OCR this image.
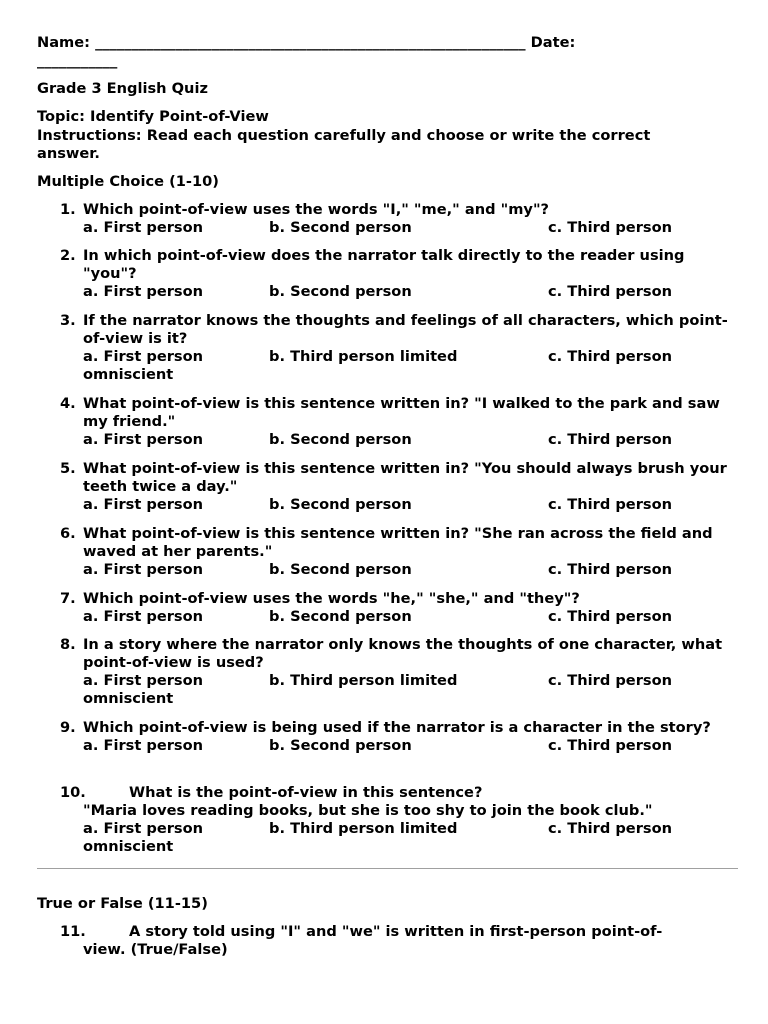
Name: ___________________________________________________________ Date:
___________
Grade 3 English Quiz
Topic: Identify Point-of-View
Instructions: Read each question carefully and choose or write the correct answer.
Multiple Choice (1-10)
1. Which point-of-view uses the words "I," "me," and "my"?
a. First person	b. Second person	c. Third person
2. In which point-of-view does the narrator talk directly to the reader using "you"?
a. First person	b. Second person	c. Third person
3. If the narrator knows the thoughts and feelings of all characters, which point-of-view is it?
a. First person	b. Third person limited	c. Third person
omniscient
4. What point-of-view is this sentence written in? "I walked to the park and saw my friend."
a. First person	b. Second person	c. Third person
5. What point-of-view is this sentence written in? "You should always brush your teeth twice a day."
a. First person	b. Second person	c. Third person
6. What point-of-view is this sentence written in? "She ran across the field and waved at her parents."
a. First person	b. Second person	c. Third person
7. Which point-of-view uses the words "he," "she," and "they"?
a. First person	b. Second person	c. Third person
8. In a story where the narrator only knows the thoughts of one character, what point-of-view is used?
a. First person	b. Third person limited	c. Third person
omniscient
9. Which point-of-view is being used if the narrator is a character in the story?
a. First person	b. Second person	c. Third person
10.	What is the point-of-view in this sentence?
"Maria loves reading books, but she is too shy to join the book club."
a. First person	b. Third person limited	c. Third person
omniscient
True or False (11-15)
11.	A story told using "I" and "we" is written in first-person point-of-view. (True/False)
